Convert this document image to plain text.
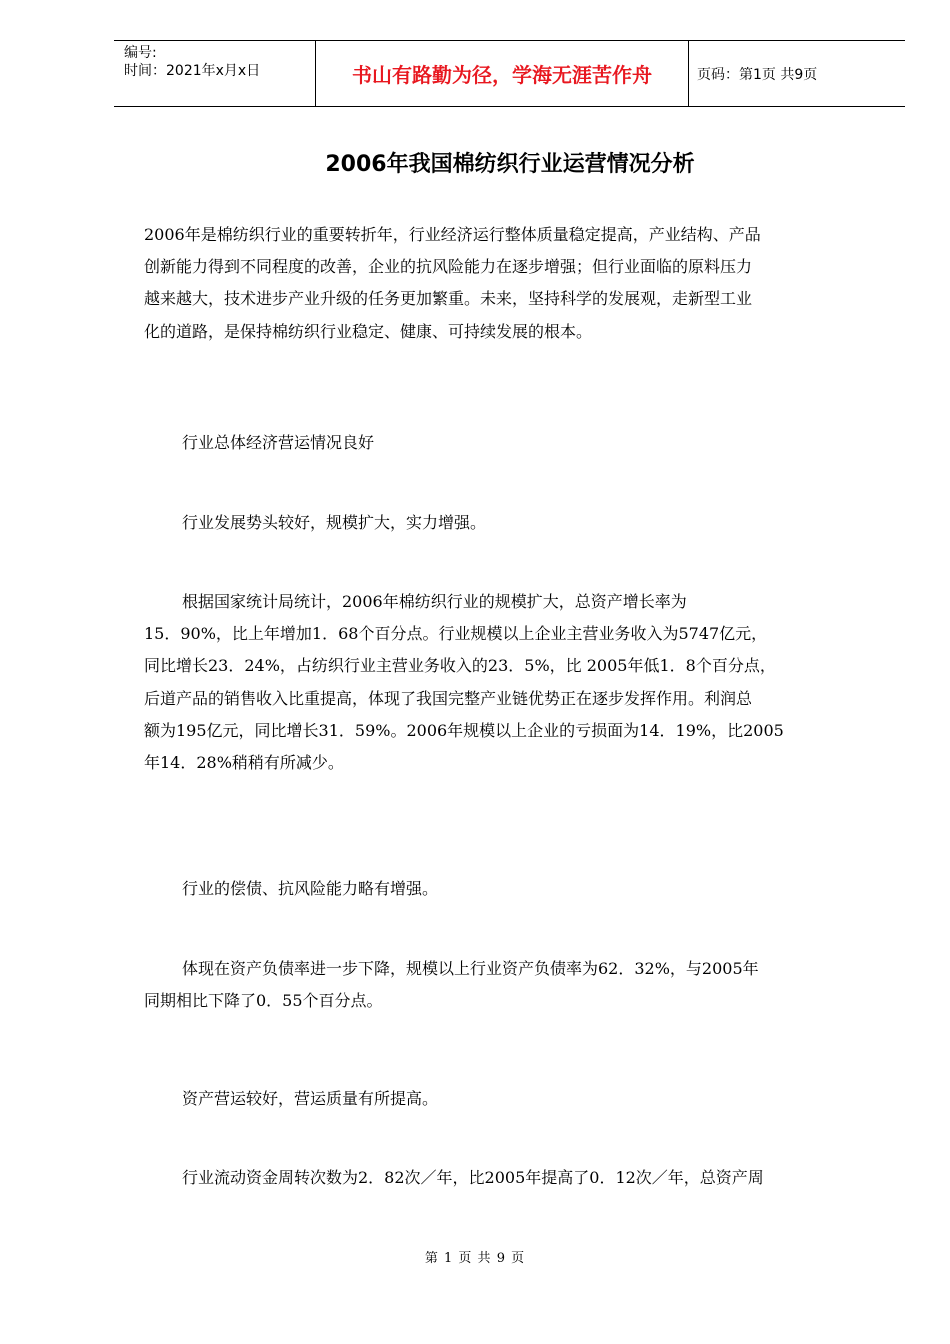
编号:
时间：2021年x月x日	书山有路勤为径，学海无涯苦作舟	页码：第1页 共9页
2006年我国棉纺织行业运营情况分析
2006年是棉纺织行业的重要转折年，行业经济运行整体质量稳定提高，产业结构、产品
创新能力得到不同程度的改善，企业的抗风险能力在逐步增强；但行业面临的原料压力
越来越大，技术进步产业升级的任务更加繁重。未来，坚持科学的发展观，走新型工业
化的道路，是保持棉纺织行业稳定、健康、可持续发展的根本。
行业总体经济营运情况良好
行业发展势头较好，规模扩大，实力增强。
根据国家统计局统计，2006年棉纺织行业的规模扩大，总资产增长率为
15．90%，比上年增加1．68个百分点。行业规模以上企业主营业务收入为5747亿元，
同比增长23．24%，占纺织行业主营业务收入的23．5%，比 2005年低1．8个百分点，
后道产品的销售收入比重提高，体现了我国完整产业链优势正在逐步发挥作用。利润总
额为195亿元，同比增长31．59%。2006年规模以上企业的亏损面为14．19%，比2005
年14．28%稍稍有所减少。
行业的偿债、抗风险能力略有增强。
体现在资产负债率进一步下降，规模以上行业资产负债率为62．32%，与2005年
同期相比下降了0．55个百分点。
资产营运较好，营运质量有所提高。
行业流动资金周转次数为2．82次／年，比2005年提高了0．12次／年，总资产周
第 1 页 共 9 页
